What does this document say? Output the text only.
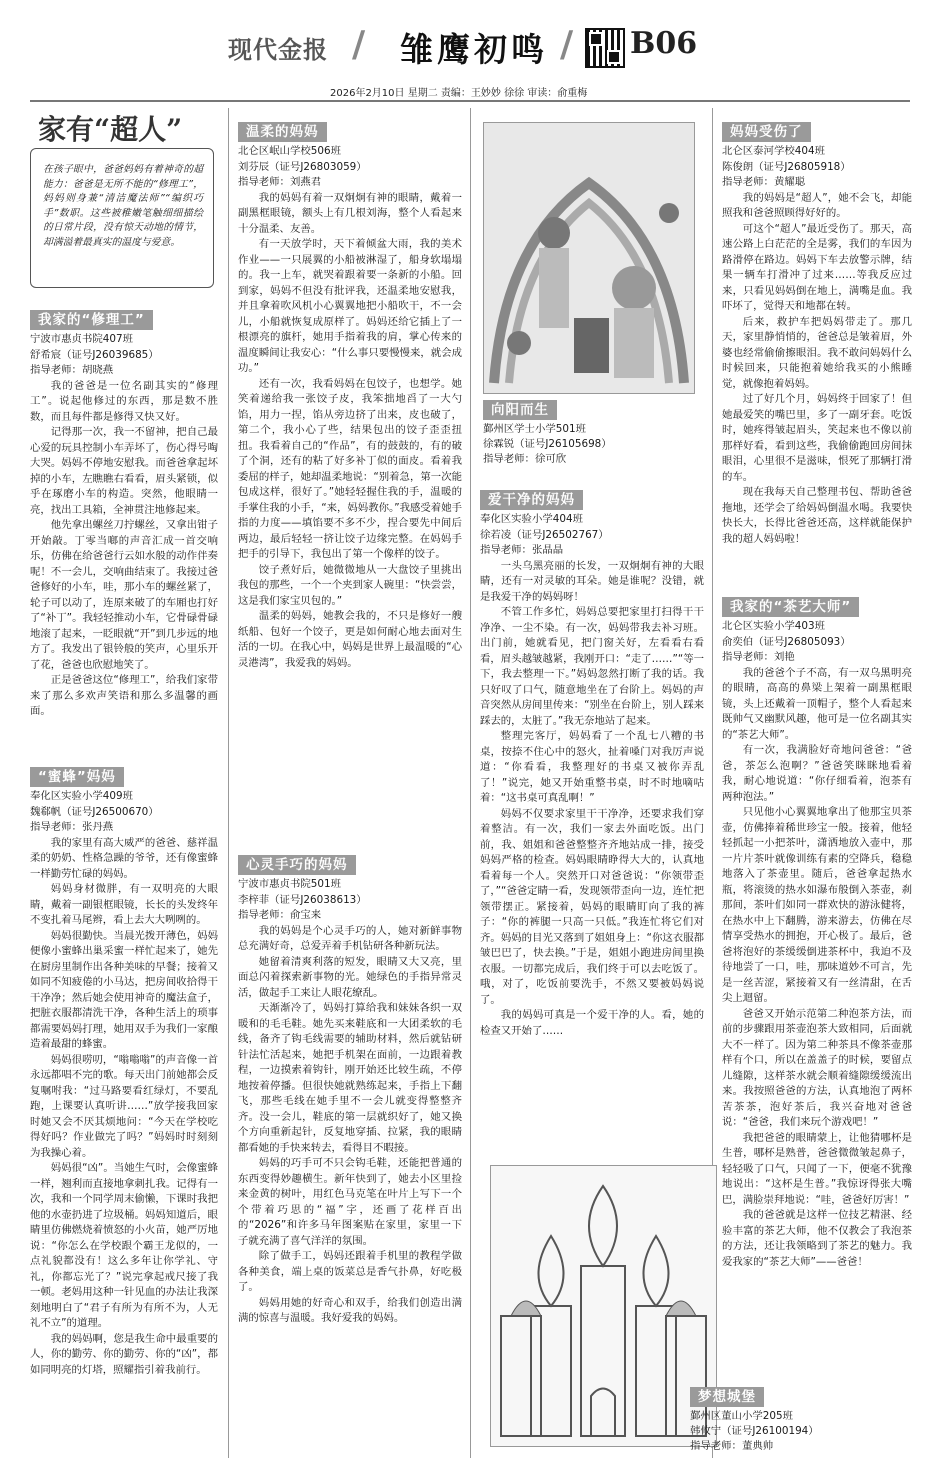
现代金报 / 雏鹰初鸣 / B06
2026年2月10日 星期二 责编：王妙妙 徐徐 审读：俞重梅
家有“超人”
在孩子眼中，爸爸妈妈有着神奇的超能力：爸爸是无所不能的“修理工”，妈妈则身兼“清洁魔法师”“编织巧手”数职。这些被稚嫩笔触细细描绘的日常片段，没有惊天动地的情节，却满溢着最真实的温度与爱意。
我家的“修理工”

宁波市惠贞书院407班

舒希宸（证号J26039685）

指导老师：胡晓燕

我的爸爸是一位名副其实的“修理工”。说起他修过的东西，那是数不胜数，而且每件都是修得又快又好。

记得那一次，我一不留神，把自己最心爱的玩具控制小车弄坏了，伤心得号啕大哭。妈妈不停地安慰我。而爸爸拿起坏掉的小车，左瞧瞧右看看，眉头紧锁，似乎在琢磨小车的构造。突然，他眼睛一亮，找出工具箱，全神贯注地修起来。

他先拿出螺丝刀拧螺丝，又拿出钳子开始敲。丁零当啷的声音汇成一首交响乐，仿佛在给爸爸行云如水般的动作伴奏呢！不一会儿，交响曲结束了。我接过爸爸修好的小车，哇，那小车的螺丝紧了，轮子可以动了，连原来破了的车厢也打好了“补丁”。我轻轻推动小车，它骨碌骨碌地滚了起来，一眨眼就“开”到几步远的地方了。我发出了银铃般的笑声，心里乐开了花，爸爸也欣慰地笑了。

正是爸爸这位“修理工”，给我们家带来了那么多欢声笑语和那么多温馨的画面。

“蜜蜂”妈妈

奉化区实验小学409班

魏郗帆（证号J26500670）

指导老师：张丹燕

我的家里有高大威严的爸爸、慈祥温柔的奶奶、性格急躁的爷爷，还有像蜜蜂一样勤劳忙碌的妈妈。

妈妈身材微胖，有一双明亮的大眼睛，戴着一副银框眼镜，长长的头发终年不变扎着马尾辫，看上去大大咧咧的。

妈妈很勤快。当晨光拨开薄色，妈妈便像小蜜蜂出巢采蜜一样忙起来了，她先在厨房里制作出各种美味的早餐；接着又如同不知疲倦的小马达，把房间收拾得干干净净；然后她会使用神奇的魔法盒子，把脏衣服都清洗干净，各种生活上的琐事都需要妈妈打理，她用双手为我们一家酿造着最甜的蜂蜜。

妈妈很唠叨，“嗡嗡嗡”的声音像一首永远都唱不完的歌。每天出门前她都会反复嘱咐我：“过马路要看红绿灯，不要乱跑，上课要认真听讲……”放学接我回家时她又会不厌其烦地问：“今天在学校吃得好吗？作业做完了吗？”妈妈时时刻刻为我操心着。

妈妈很“凶”。当她生气时，会像蜜蜂一样，翘利而直接地拿刺扎我。记得有一次，我和一个同学周末偷懒，下课时我把他的水壶扔进了垃圾桶。妈妈知道后，眼睛里仿佛燃烧着愤怒的小火苗，她严厉地说：“你怎么在学校跟个霸王龙似的，一点礼貌都没有！这么多年让你学礼、守礼，你都忘光了？”说完拿起戒尺接了我一顿。老妈用这种一针见血的办法让我深刻地明白了“君子有所为有所不为，人无礼不立”的道理。

我的妈妈啊，您是我生命中最重要的人，你的勤劳、你的勤劳、你的“凶”，都如同明亮的灯塔，照耀指引着我前行。

温柔的妈妈

北仑区岷山学校506班

刘芬辰（证号J26803059）

指导老师：刘燕君

我的妈妈有着一双炯炯有神的眼睛，戴着一副黑框眼镜，额头上有几根刘海，整个人看起来十分温柔、友善。

有一天放学时，天下着倾盆大雨，我的美术作业——一只展翼的小船被淋湿了，船身软塌塌的。我一上车，就哭着跟着要一条新的小船。回到家，妈妈不但没有批评我，还温柔地安慰我，并且拿着吹风机小心翼翼地把小船吹干，不一会儿，小船就恢复成原样了。妈妈还给它插上了一根漂亮的旗杆，她用手指着我的肩，掌心传来的温度瞬间让我安心：“什么事只要慢慢来，就会成功。”

还有一次，我看妈妈在包饺子，也想学。她笑着递给我一张饺子皮，我笨拙地舀了一大勺馅，用力一捏，馅从旁边挤了出来，皮也破了，第二个，我小心了些，结果包出的饺子歪歪扭扭。我看着自己的“作品”，有的鼓鼓的，有的破了个洞，还有的粘了好多补丁似的面皮。看着我委屈的样子，她却温柔地说：“别着急，第一次能包成这样，很好了。”她轻轻握住我的手，温暖的手掌住我的小手，“来，妈妈教你。”我感受着她手指的力度——填馅要不多不少，捏合要先中间后两边，最后轻轻一挤让饺子边缘完整。在妈妈手把手的引导下，我包出了第一个像样的饺子。

饺子煮好后，她微微地从一大盘饺子里挑出我包的那些，一个一个夹到家人碗里：“快尝尝，这是我们家宝贝包的。”

温柔的妈妈，她教会我的，不只是修好一艘纸船、包好一个饺子，更是如何耐心地去面对生活的一切。在我心中，妈妈是世界上最温暖的“心灵港湾”，我爱我的妈妈。

心灵手巧的妈妈

宁波市惠贞书院501班

李梓菲（证号J26038613）

指导老师：俞宝来

我的妈妈是个心灵手巧的人，她对新鲜事物总充满好奇，总爱弄着手机钻研各种新玩法。

她留着清爽利落的短发，眼睛又大又亮，里面总闪着探索新事物的光。她绿色的手指异常灵活，做起手工来让人眼花缭乱。

天渐渐冷了，妈妈打算给我和妹妹各织一双暖和的毛毛鞋。她先买来鞋底和一大团柔软的毛线，备齐了钩毛线需要的辅助材料，然后就钻研针法忙活起来，她把手机架在面前，一边跟着教程，一边摸索着钩针，刚开始还比较生疏，不停地按着停播。但很快她就熟练起来，手指上下翻飞，那些毛线在她手里不一会儿就变得整整齐齐。没一会儿，鞋底的第一层就织好了，她又换个方向重新起针，反复地穿插、拉紧，我的眼睛都看她的手快来转去，看得目不暇接。

妈妈的巧手可不只会钩毛鞋，还能把普通的东西变得妙趣横生。新年快到了，她去小区里捡来金黄的树叶，用红色马克笔在叶片上写下一个个带着巧思的“福”字，还画了花样百出的“2026”和许多马年图案贴在家里，家里一下子就充满了喜气洋洋的氛围。

除了做手工，妈妈还跟着手机里的教程学做各种美食，端上桌的饭菜总是香气扑鼻，好吃极了。

妈妈用她的好奇心和双手，给我们创造出满满的惊喜与温暖。我好爱我的妈妈。

爱干净的妈妈

奉化区实验小学404班

徐若凌（证号J26502767）

指导老师：张晶晶

一头乌黑亮丽的长发，一双炯炯有神的大眼睛，还有一对灵敏的耳朵。她是谁呢？没错，就是我爱干净的妈妈呀！

不管工作多忙，妈妈总要把家里打扫得干干净净、一尘不染。有一次，妈妈带我去补习班。出门前，她就看见，把门窗关好，左看看右看看，眉头越皱越紧，我刚开口：“走了……”“等一下，我去整理一下。”妈妈忽然打断了我的话。我只好叹了口气，随意地坐在了台阶上。妈妈的声音突然从房间里传来：“别坐在台阶上，别人踩来踩去的，太脏了。”我无奈地站了起来。

整理完客厅，妈妈看了一个乱七八糟的书桌，按捺不住心中的怒火，扯着嗓门对我厉声说道：“你看看，我整理好的书桌又被你弄乱了！”说完，她又开始重整书桌，时不时地嘀咕着：“这书桌可真乱啊！”

妈妈不仅要求家里干干净净，还要求我们穿着整洁。有一次，我们一家去外面吃饭。出门前，我、姐姐和爸爸整整齐齐地站成一排，接受妈妈严格的检查。妈妈眼睛睁得大大的，认真地看着每一个人。突然开口对爸爸说：“你领带歪了，”“爸爸定睛一看，发现领带歪向一边，连忙把领带摆正。紧接着，妈妈的眼睛盯向了我的裤子：“你的裤腿一只高一只低。”我连忙将它们对齐。妈妈的目光又落到了姐姐身上：“你这衣服都皱巴巴了，快去换。”于是，姐姐小跑进房间里换衣服。一切都完成后，我们终于可以去吃饭了。哦，对了，吃饭前要洗手，不然又要被妈妈说了。

我的妈妈可真是一个爱干净的人。看，她的检查又开始了……

妈妈受伤了

北仑区泰河学校404班

陈俊朗（证号J26805918）

指导老师：黄耀聪

我的妈妈是“超人”，她不会飞，却能照我和爸爸照顾得好好的。

可这个“超人”最近受伤了。那天，高速公路上白茫茫的全是雾，我们的车因为路滑停在路边。妈妈下车去放警示牌，结果一辆车打滑冲了过来……等我反应过来，只看见妈妈倒在地上，满嘴是血。我吓坏了，觉得天和地都在转。

后来，救护车把妈妈带走了。那几天，家里静悄悄的，爸爸总是皱着眉，外婆也经常偷偷擦眼泪。我不敢问妈妈什么时候回来，只能抱着她给我买的小熊睡觉，就像抱着妈妈。

过了好几个月，妈妈终于回家了！但她最爱笑的嘴巴里，多了一副牙套。吃饭时，她疼得皱起眉头，笑起来也不像以前那样好看，看到这些，我偷偷跑回房间抹眼泪，心里很不是滋味，恨死了那辆打滑的车。

现在我每天自己整理书包、帮助爸爸拖地，还学会了给妈妈倒温水喝。我要快快长大，长得比爸爸还高，这样就能保护我的超人妈妈啦！

我家的“茶艺大师”

北仑区实验小学403班

俞奕伯（证号J26805093）

指导老师：刘艳

我的爸爸个子不高，有一双乌黑明亮的眼睛，高高的鼻梁上架着一副黑框眼镜，头上还戴着一顶帽子，整个人看起来既帅气又幽默风趣，他可是一位名副其实的“茶艺大师”。

有一次，我满脸好奇地问爸爸：“爸爸，茶怎么泡啊？”爸爸笑眯眯地看着我，耐心地说道：“你仔细看着，泡茶有两种泡法。”

只见他小心翼翼地拿出了他那宝贝茶壶，仿佛捧着稀世珍宝一般。接着，他轻轻抓起一小把茶叶，潇洒地放入壶中，那一片片茶叶就像训练有素的空降兵，稳稳地落入了茶壶里。随后，爸爸拿起热水瓶，将滚烫的热水如瀑布般倒入茶壶，刹那间，茶叶们如同一群欢快的游泳健将，在热水中上下翻腾，游来游去，仿佛在尽情享受热水的拥抱，开心极了。最后，爸爸将泡好的茶缓缓倒进茶杯中，我迫不及待地尝了一口，哇，那味道妙不可言，先是一丝苦涩，紧接着又有一丝清甜，在舌尖上迴留。

爸爸又开始示范第二种泡茶方法，而前的步骤跟用茶壶泡茶大致相同，后面就大不一样了。因为第二种茶具不像茶壶那样有个口，所以在盖盖子的时候，要留点儿缝隙，这样茶水就会顺着缝隙缓缓流出来。我按照爸爸的方法，认真地泡了两杯苦茶茶，泡好茶后，我兴奋地对爸爸说：“爸爸，我们来玩个游戏吧！”

我把爸爸的眼睛蒙上，让他猜哪杯是生普，哪杯是熟普，爸爸微微皱起鼻子，轻轻吸了口气，只闻了一下，便毫不犹豫地说出：“这杯是生普。”我惊讶得张大嘴巴，满脸崇拜地说：“哇，爸爸好厉害！”

我的爸爸就是这样一位技艺精湛、经验丰富的茶艺大师，他不仅教会了我泡茶的方法，还让我领略到了茶艺的魅力。我爱我家的“茶艺大师”——爸爸！

向阳而生
鄞州区学士小学501班
徐霖锐（证号J26105698）
指导老师：徐可欣
梦想城堡
鄞州区董山小学205班
韩攸宁（证号J26100194）
指导老师：董典帅
